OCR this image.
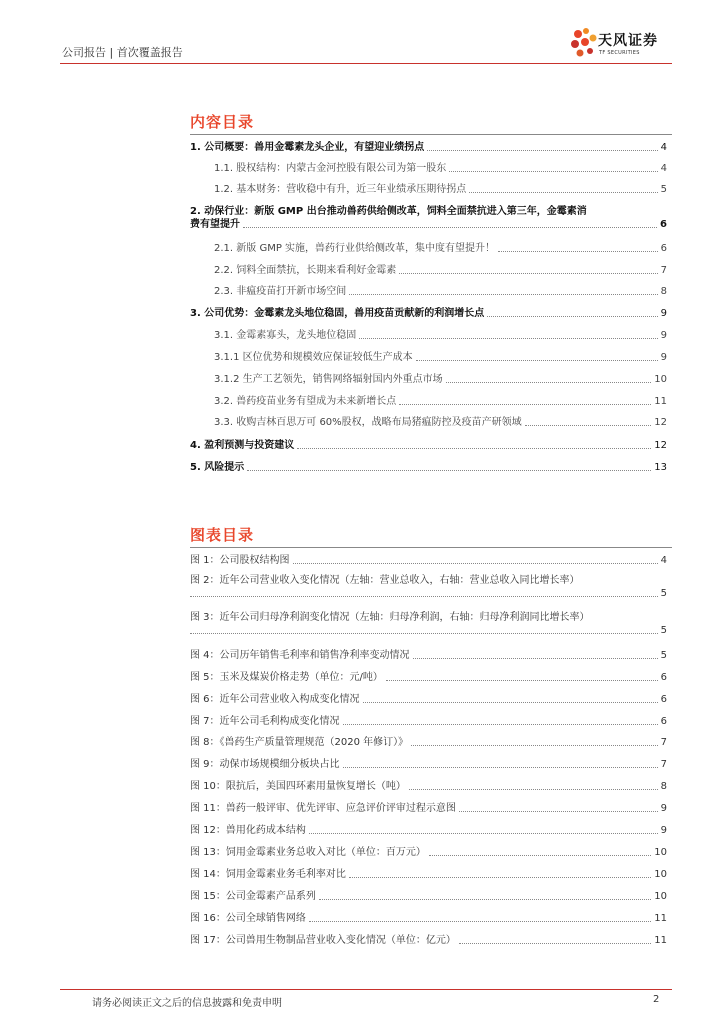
公司报告 | 首次覆盖报告
天风证券
TF SECURITIES
内容目录
1. 公司概要：兽用金霉素龙头企业，有望迎业绩拐点	4
1.1. 股权结构：内蒙古金河控股有限公司为第一股东	4
1.2. 基本财务：营收稳中有升，近三年业绩承压期待拐点	5
2. 动保行业：新版 GMP 出台推动兽药供给侧改革，饲料全面禁抗进入第三年，金霉素消
费有望提升	6
2.1. 新版 GMP 实施，兽药行业供给侧改革，集中度有望提升！	6
2.2. 饲料全面禁抗，长期来看利好金霉素	7
2.3. 非瘟疫苗打开新市场空间	8
3. 公司优势：金霉素龙头地位稳固，兽用疫苗贡献新的利润增长点	9
3.1. 金霉素寡头，龙头地位稳固	9
3.1.1 区位优势和规模效应保证较低生产成本	9
3.1.2 生产工艺领先，销售网络辐射国内外重点市场	10
3.2. 兽药疫苗业务有望成为未来新增长点	11
3.3. 收购吉林百思万可 60%股权，战略布局猪瘟防控及疫苗产研领域	12
4. 盈利预测与投资建议	12
5. 风险提示	13
图表目录
图 1：公司股权结构图	4
图 2：近年公司营业收入变化情况（左轴：营业总收入，右轴：营业总收入同比增长率）
5
图 3：近年公司归母净利润变化情况（左轴：归母净利润，右轴：归母净利润同比增长率）
5
图 4：公司历年销售毛利率和销售净利率变动情况	5
图 5：玉米及煤炭价格走势（单位：元/吨）	6
图 6：近年公司营业收入构成变化情况	6
图 7：近年公司毛利构成变化情况	6
图 8：《兽药生产质量管理规范（2020 年修订）》	7
图 9：动保市场规模细分板块占比	7
图 10：限抗后，美国四环素用量恢复增长（吨）	8
图 11：兽药一般评审、优先评审、应急评价评审过程示意图	9
图 12：兽用化药成本结构	9
图 13：饲用金霉素业务总收入对比（单位：百万元）	10
图 14：饲用金霉素业务毛利率对比	10
图 15：公司金霉素产品系列	10
图 16：公司全球销售网络	11
图 17：公司兽用生物制品营业收入变化情况（单位：亿元）	11
请务必阅读正文之后的信息披露和免责申明	2
